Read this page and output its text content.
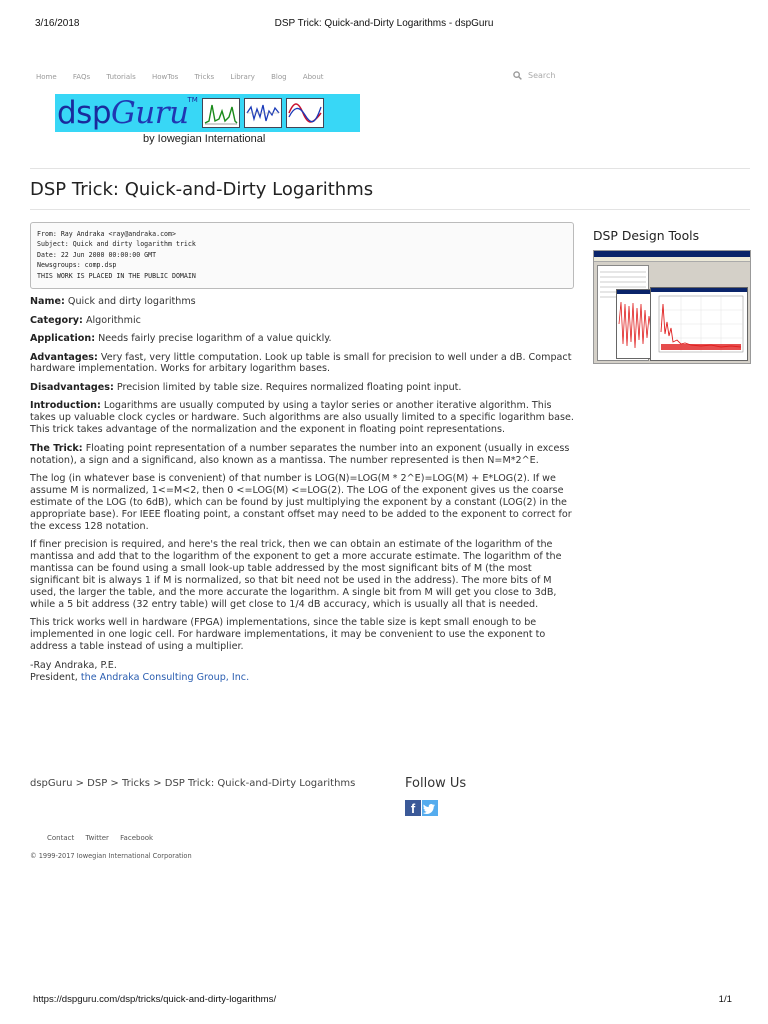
3/16/2018	DSP Trick: Quick-and-Dirty Logarithms - dspGuru
Home FAQs Tutorials HowTos Tricks Library Blog About	Search
dspGuru TM
by Iowegian International
DSP Trick: Quick-and-Dirty Logarithms
From: Ray Andraka <ray@andraka.com>
Subject: Quick and dirty logarithm trick
Date: 22 Jun 2000 00:00:00 GMT
Newsgroups: comp.dsp
THIS WORK IS PLACED IN THE PUBLIC DOMAIN

Name: Quick and dirty logarithms

Category: Algorithmic

Application: Needs fairly precise logarithm of a value quickly.

Advantages: Very fast, very little computation. Look up table is small for precision to well under a dB. Compact hardware implementation. Works for arbitary logarithm bases.

Disadvantages: Precision limited by table size. Requires normalized floating point input.

Introduction: Logarithms are usually computed by using a taylor series or another iterative algorithm. This takes up valuable clock cycles or hardware. Such algorithms are also usually limited to a specific logarithm base. This trick takes advantage of the normalization and the exponent in floating point representations.

The Trick: Floating point representation of a number separates the number into an exponent (usually in excess notation), a sign and a significand, also known as a mantissa. The number represented is then N=M*2^E.

The log (in whatever base is convenient) of that number is LOG(N)=LOG(M * 2^E)=LOG(M) + E*LOG(2). If we assume M is normalized, 1<=M<2, then 0 <=LOG(M) <=LOG(2). The LOG of the exponent gives us the coarse estimate of the LOG (to 6dB), which can be found by just multiplying the exponent by a constant (LOG(2) in the appropriate base). For IEEE floating point, a constant offset may need to be added to the exponent to correct for the excess 128 notation.

If finer precision is required, and here's the real trick, then we can obtain an estimate of the logarithm of the mantissa and add that to the logarithm of the exponent to get a more accurate estimate. The logarithm of the mantissa can be found using a small look-up table addressed by the most significant bits of M (the most significant bit is always 1 if M is normalized, so that bit need not be used in the address). The more bits of M used, the larger the table, and the more accurate the logarithm. A single bit from M will get you close to 3dB, while a 5 bit address (32 entry table) will get close to 1/4 dB accuracy, which is usually all that is needed.

This trick works well in hardware (FPGA) implementations, since the table size is kept small enough to be implemented in one logic cell. For hardware implementations, it may be convenient to use the exponent to address a table instead of using a multiplier.

-Ray Andraka, P.E.
President, the Andraka Consulting Group, Inc.

DSP Design Tools
dspGuru > DSP > Tricks > DSP Trick: Quick-and-Dirty Logarithms	Follow Us
f
Contact Twitter Facebook
© 1999-2017 Iowegian International Corporation
https://dspguru.com/dsp/tricks/quick-and-dirty-logarithms/	1/1
